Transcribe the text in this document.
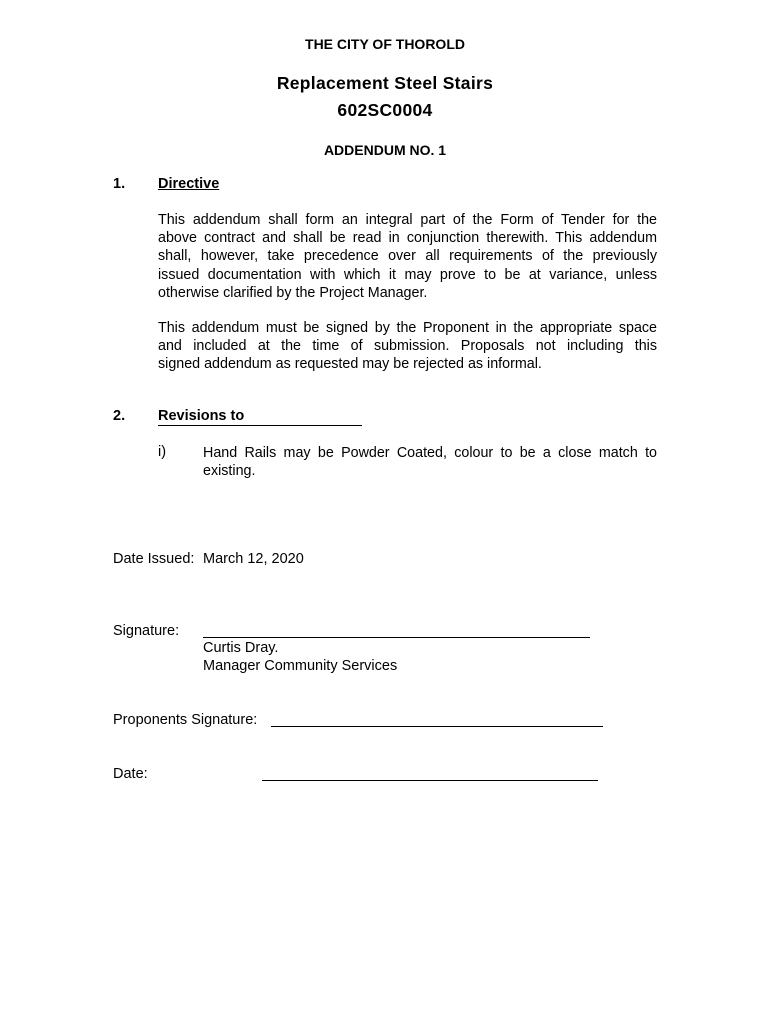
THE CITY OF THOROLD
Replacement Steel Stairs
602SC0004
ADDENDUM NO. 1
1. Directive
This addendum shall form an integral part of the Form of Tender for the
above contract and shall be read in conjunction therewith. This addendum
shall, however, take precedence over all requirements of the previously
issued documentation with which it may prove to be at variance, unless
otherwise clarified by the Project Manager.
This addendum must be signed by the Proponent in the appropriate space
and included at the time of submission. Proposals not including this
signed addendum as requested may be rejected as informal.
2. Revisions to
i)	Hand Rails may be Powder Coated, colour to be a close match to
existing.
Date Issued: March 12, 2020
Signature:
Curtis Dray.
Manager Community Services
Proponents Signature:
Date:
